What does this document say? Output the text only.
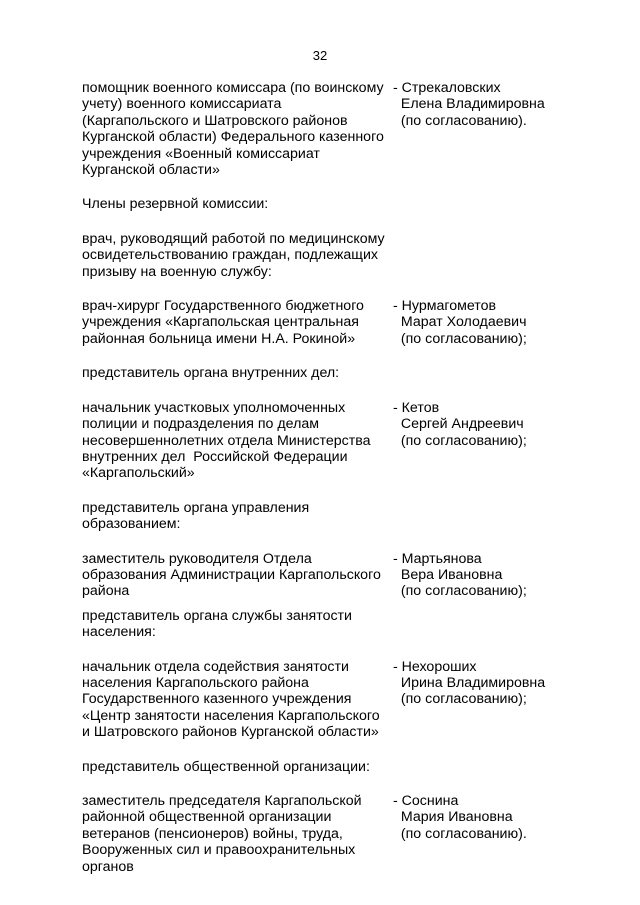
32
помощник военного комиссара (по воинскому
учету) военного комиссариата
(Каргапольского и Шатровского районов
Курганской области) Федерального казенного
учреждения «Военный комиссариат
Курганской области»
- Стрекаловских
Елена Владимировна
(по согласованию).
Члены резервной комиссии:
врач, руководящий работой по медицинскому
освидетельствованию граждан, подлежащих
призыву на военную службу:
врач-хирург Государственного бюджетного
учреждения «Каргапольская центральная
районная больница имени Н.А. Рокиной»
- Нурмагометов
Марат Холодаевич
(по согласованию);
представитель органа внутренних дел:
начальник участковых уполномоченных
полиции и подразделения по делам
несовершеннолетних отдела Министерства
внутренних дел  Российской Федерации
«Каргапольский»
- Кетов
Сергей Андреевич
(по согласованию);
представитель органа управления
образованием:
заместитель руководителя Отдела
образования Администрации Каргапольского
района
- Мартьянова
Вера Ивановна
(по согласованию);
представитель органа службы занятости
населения:
начальник отдела содействия занятости
населения Каргапольского района
Государственного казенного учреждения
«Центр занятости населения Каргапольского
и Шатровского районов Курганской области»
- Нехороших
Ирина Владимировна
(по согласованию);
представитель общественной организации:
заместитель председателя Каргапольской
районной общественной организации
ветеранов (пенсионеров) войны, труда,
Вооруженных сил и правоохранительных
органов
- Соснина
Мария Ивановна
(по согласованию).
